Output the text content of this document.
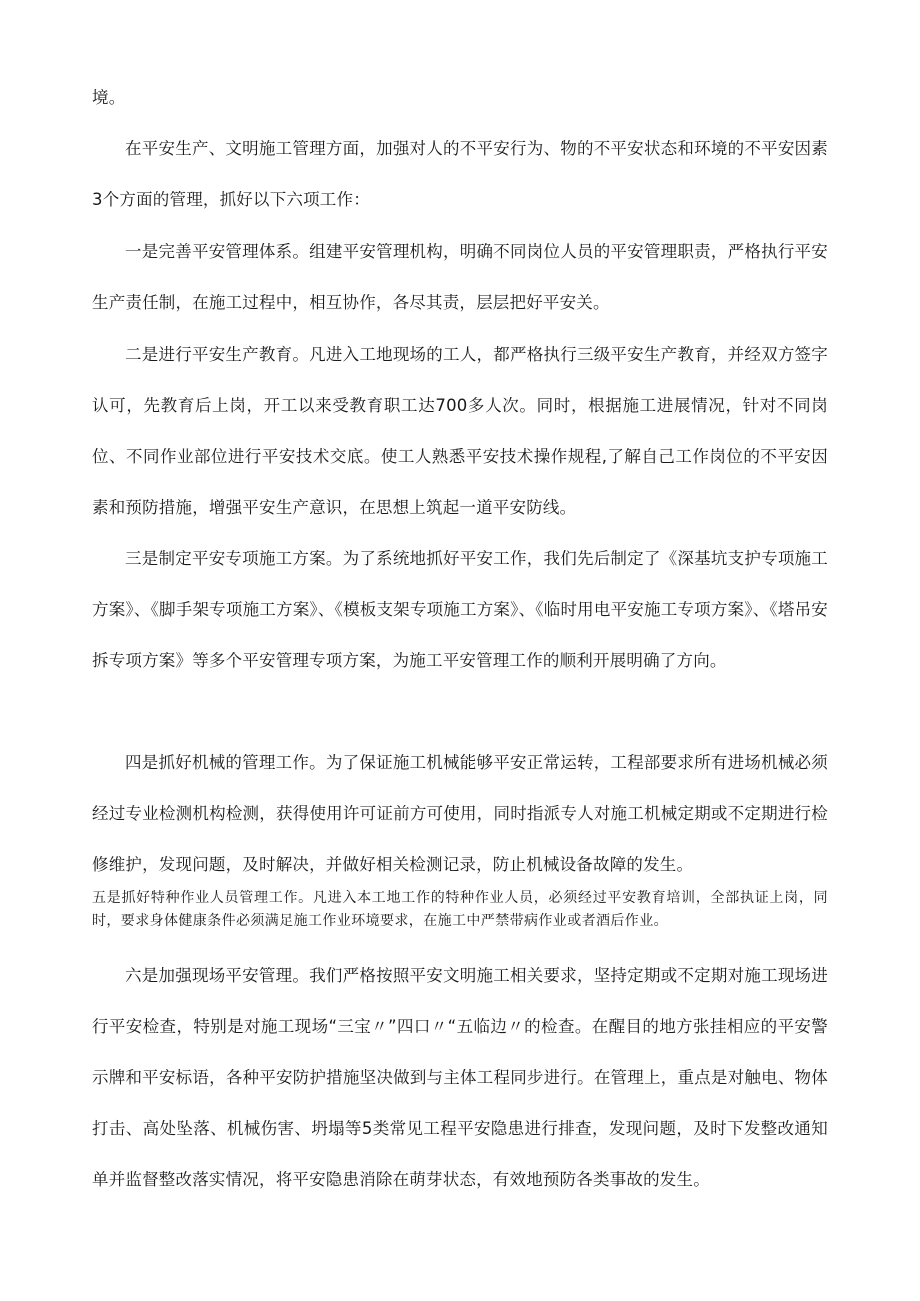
境。

在平安生产、文明施工管理方面，加强对人的不平安行为、物的不平安状态和环境的不平安因素3个方面的管理，抓好以下六项工作：

一是完善平安管理体系。组建平安管理机构，明确不同岗位人员的平安管理职责，严格执行平安生产责任制，在施工过程中，相互协作，各尽其责，层层把好平安关。

二是进行平安生产教育。凡进入工地现场的工人，都严格执行三级平安生产教育，并经双方签字认可，先教育后上岗，开工以来受教育职工达700多人次。同时，根据施工进展情况，针对不同岗位、不同作业部位进行平安技术交底。使工人熟悉平安技术操作规程,了解自己工作岗位的不平安因素和预防措施，增强平安生产意识，在思想上筑起一道平安防线。

三是制定平安专项施工方案。为了系统地抓好平安工作，我们先后制定了《深基坑支护专项施工方案》、《脚手架专项施工方案》、《模板支架专项施工方案》、《临时用电平安施工专项方案》、《塔吊安拆专项方案》等多个平安管理专项方案，为施工平安管理工作的顺利开展明确了方向。

四是抓好机械的管理工作。为了保证施工机械能够平安正常运转，工程部要求所有进场机械必须经过专业检测机构检测，获得使用许可证前方可使用，同时指派专人对施工机械定期或不定期进行检修维护，发现问题，及时解决，并做好相关检测记录，防止机械设备故障的发生。

五是抓好特种作业人员管理工作。凡进入本工地工作的特种作业人员，必须经过平安教育培训，全部执证上岗，同时，要求身体健康条件必须满足施工作业环境要求，在施工中严禁带病作业或者酒后作业。

六是加强现场平安管理。我们严格按照平安文明施工相关要求，坚持定期或不定期对施工现场进行平安检查，特别是对施工现场“三宝〃”四口〃“五临边〃的检查。在醒目的地方张挂相应的平安警示牌和平安标语，各种平安防护措施坚决做到与主体工程同步进行。在管理上，重点是对触电、物体打击、高处坠落、机械伤害、坍塌等5类常见工程平安隐患进行排查，发现问题，及时下发整改通知单并监督整改落实情况，将平安隐患消除在萌芽状态，有效地预防各类事故的发生。
